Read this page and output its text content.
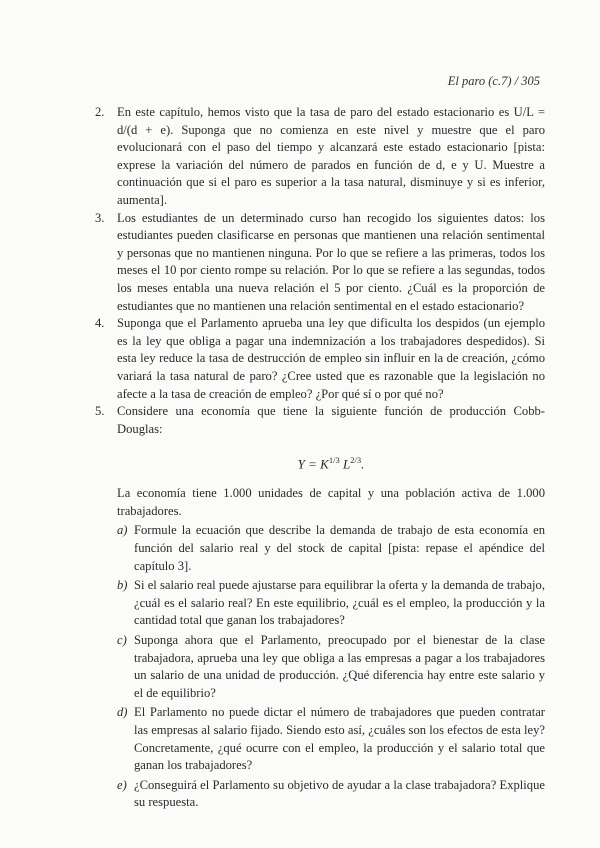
El paro (c.7) / 305
2. En este capítulo, hemos visto que la tasa de paro del estado estacionario es U/L = d/(d + e). Suponga que no comienza en este nivel y muestre que el paro evolucionará con el paso del tiempo y alcanzará este estado estacionario [pista: exprese la variación del número de parados en función de d, e y U. Muestre a continuación que si el paro es superior a la tasa natural, disminuye y si es inferior, aumenta].
3. Los estudiantes de un determinado curso han recogido los siguientes datos: los estudiantes pueden clasificarse en personas que mantienen una relación sentimental y personas que no mantienen ninguna. Por lo que se refiere a las primeras, todos los meses el 10 por ciento rompe su relación. Por lo que se refiere a las segundas, todos los meses entabla una nueva relación el 5 por ciento. ¿Cuál es la proporción de estudiantes que no mantienen una relación sentimental en el estado estacionario?
4. Suponga que el Parlamento aprueba una ley que dificulta los despidos (un ejemplo es la ley que obliga a pagar una indemnización a los trabajadores despedidos). Si esta ley reduce la tasa de destrucción de empleo sin influir en la de creación, ¿cómo variará la tasa natural de paro? ¿Cree usted que es razonable que la legislación no afecte a la tasa de creación de empleo? ¿Por qué sí o por qué no?
5. Considere una economía que tiene la siguiente función de producción Cobb-Douglas:
$Y = K^{1/3}$ $L^{2/3}$.
La economía tiene 1.000 unidades de capital y una población activa de 1.000 trabajadores.
a) Formule la ecuación que describe la demanda de trabajo de esta economía en función del salario real y del stock de capital [pista: repase el apéndice del capítulo 3].
b) Si el salario real puede ajustarse para equilibrar la oferta y la demanda de trabajo, ¿cuál es el salario real? En este equilibrio, ¿cuál es el empleo, la producción y la cantidad total que ganan los trabajadores?
c) Suponga ahora que el Parlamento, preocupado por el bienestar de la clase trabajadora, aprueba una ley que obliga a las empresas a pagar a los trabajadores un salario de una unidad de producción. ¿Qué diferencia hay entre este salario y el de equilibrio?
d) El Parlamento no puede dictar el número de trabajadores que pueden contratar las empresas al salario fijado. Siendo esto así, ¿cuáles son los efectos de esta ley? Concretamente, ¿qué ocurre con el empleo, la producción y el salario total que ganan los trabajadores?
e) ¿Conseguirá el Parlamento su objetivo de ayudar a la clase trabajadora? Explique su respuesta.
